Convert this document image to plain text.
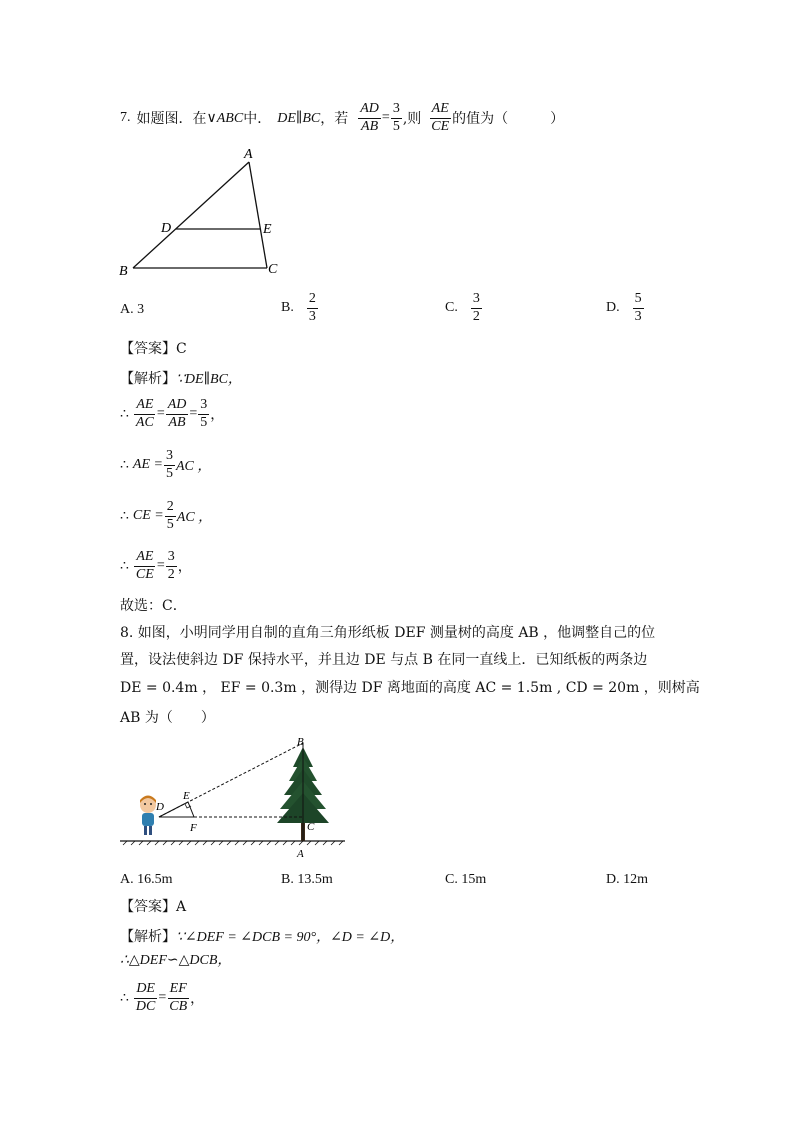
7. 如题图．在 ∨ABC 中． DE∥BC ，若 $\frac{AD}{AB} = \frac{3}{5}$ ,则 $\frac{AE}{CE}$ 的值为（　　　）
A
B	C
D	E
A. 3	B. $\frac{2}{3}$	C. $\frac{3}{2}$	D. $\frac{5}{3}$
【答案】C
【解析】 ∵DE∥BC，
∴ $\frac{AE}{AC} = \frac{AD}{AB} = \frac{3}{5}$ ，
∴ AE = $\frac{3}{5}$ AC ，
∴ CE = $\frac{2}{5}$ AC ，
∴ $\frac{AE}{CE} = \frac{3}{2}$ ，
故选：C．
8. 如图，小明同学用自制的直角三角形纸板 DEF 测量树的高度 AB ，他调整自己的位
置，设法使斜边 DF 保持水平，并且边 DE 与点 B 在同一直线上．已知纸板的两条边
DE = 0.4m ， EF = 0.3m ，测得边 DF 离地面的高度 AC = 1.5m , CD = 20m ，则树高
AB 为（　　）
B
E
D
F	C
A
A. 16.5m	B. 13.5m	C. 15m	D. 12m
【答案】A
【解析】 ∵∠DEF = ∠DCB = 90°，∠D = ∠D，
∴△DEF∽△DCB，
∴ $\frac{DE}{DC} = \frac{EF}{CB}$ ，
